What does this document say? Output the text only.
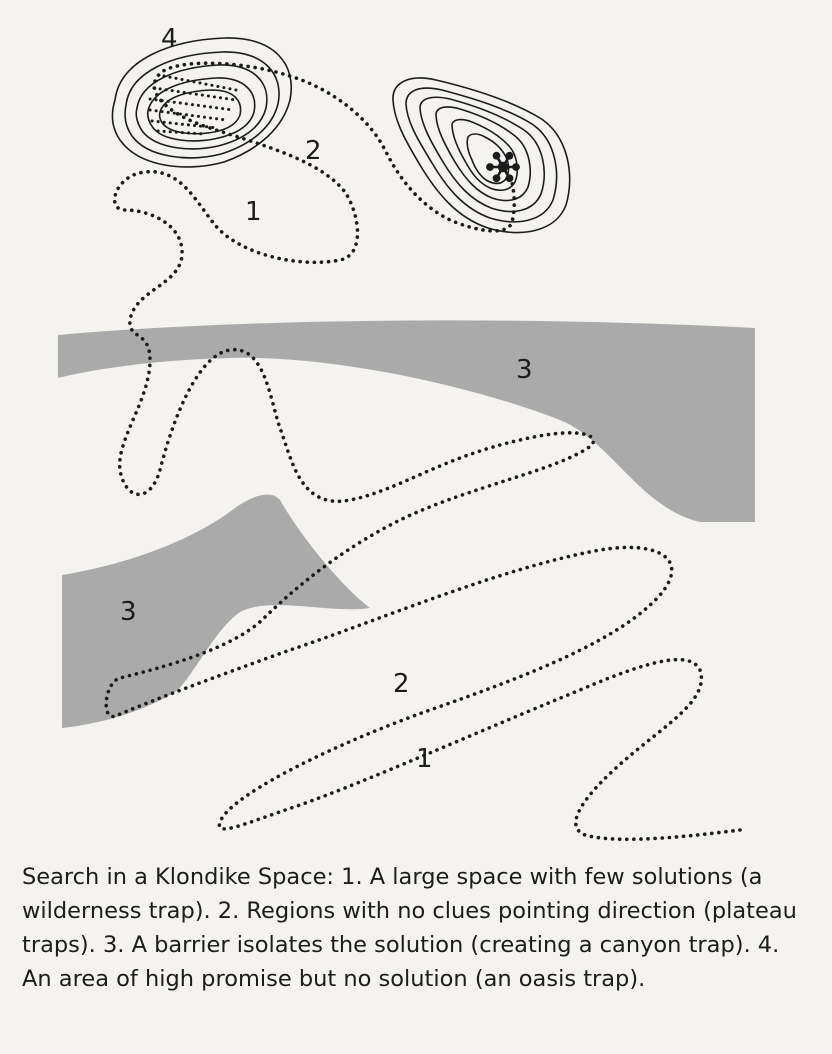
4
2
1
3
3
2
1

Search in a Klondike Space: 1. A large space with few solutions (a wilderness trap). 2. Regions with no clues pointing direction (plateau traps). 3. A barrier isolates the solution (creating a canyon trap). 4. An area of high promise but no solution (an oasis trap).
